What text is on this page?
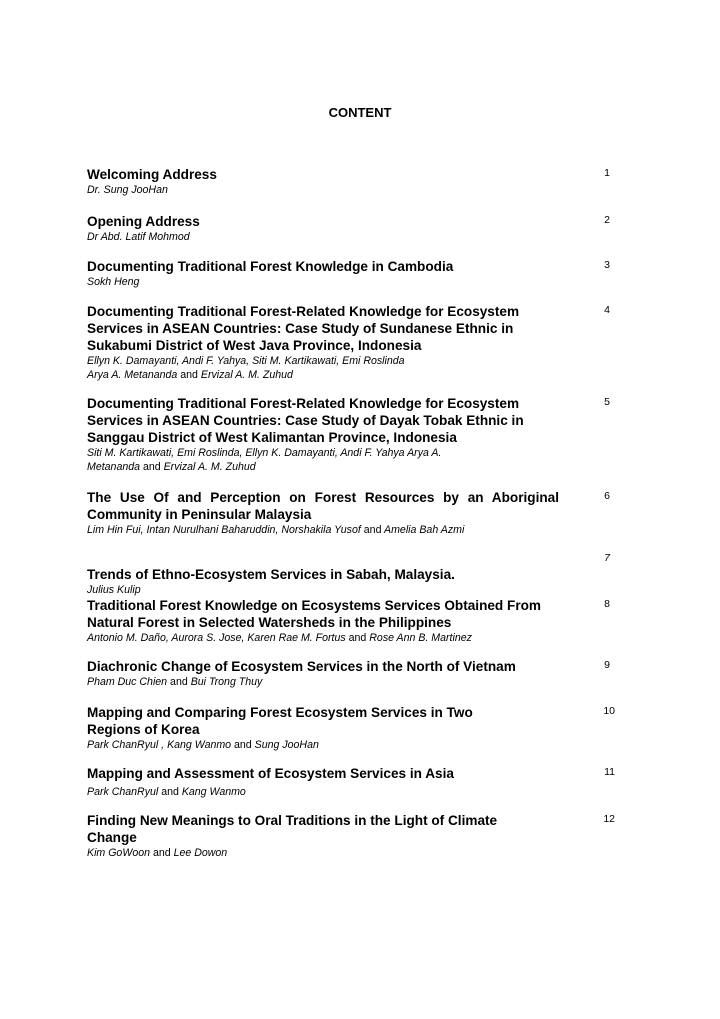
CONTENT

Welcoming Address

Dr. Sung JooHan

1

Opening Address

Dr Abd. Latif Mohmod

2

Documenting Traditional Forest Knowledge in Cambodia

Sokh Heng

3

Documenting Traditional Forest-Related Knowledge for Ecosystem Services in ASEAN Countries: Case Study of Sundanese Ethnic in Sukabumi District of West Java Province, Indonesia

Ellyn K. Damayanti, Andi F. Yahya, Siti M. Kartikawati, Emi Roslinda
Arya A. Metananda and Ervizal A. M. Zuhud

4

Documenting Traditional Forest-Related Knowledge for Ecosystem Services in ASEAN Countries: Case Study of Dayak Tobak Ethnic in Sanggau District of West Kalimantan Province, Indonesia

Siti M. Kartikawati, Emi Roslinda, Ellyn K. Damayanti, Andi F. Yahya Arya A. Metananda and Ervizal A. M. Zuhud

5

The Use Of and Perception on Forest Resources by an Aboriginal Community in Peninsular Malaysia

Lim Hin Fui, Intan Nurulhani Baharuddin, Norshakila Yusof and Amelia Bah Azmi

6

Trends of Ethno-Ecosystem Services in Sabah, Malaysia.

Julius Kulip

7

Traditional Forest Knowledge on Ecosystems Services Obtained From Natural Forest in Selected Watersheds in the Philippines

Antonio M. Daño, Aurora S. Jose, Karen Rae M. Fortus and Rose Ann B. Martinez

8

Diachronic Change of Ecosystem Services in the North of Vietnam

Pham Duc Chien and Bui Trong Thuy

9

Mapping and Comparing Forest Ecosystem Services in Two Regions of Korea

Park ChanRyul , Kang Wanmo and Sung JooHan

10

Mapping and Assessment of Ecosystem Services in Asia

Park ChanRyul and Kang Wanmo

11

Finding New Meanings to Oral Traditions in the Light of Climate Change

Kim GoWoon and Lee Dowon

12
